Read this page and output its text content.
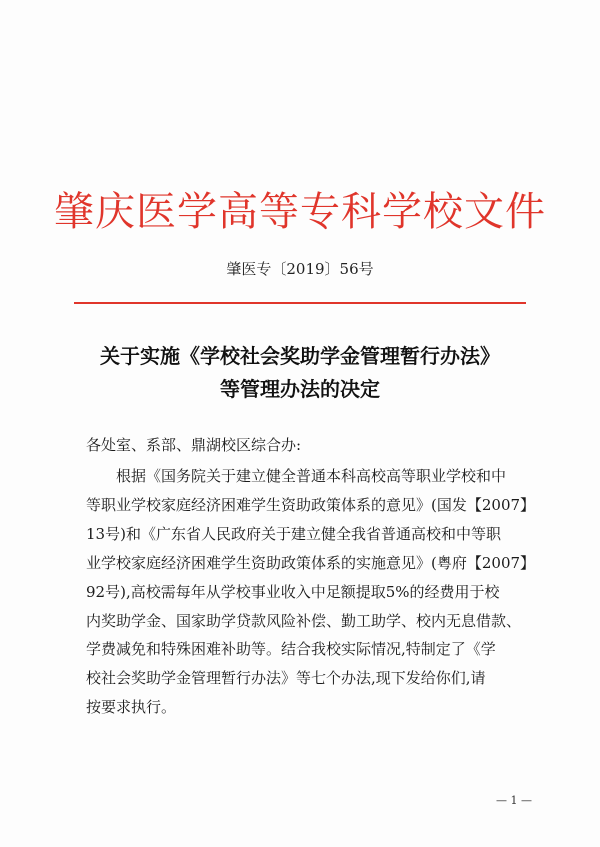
肇庆医学高等专科学校文件
肇医专〔2019〕56号
关于实施《学校社会奖助学金管理暂行办法》
等管理办法的决定
各处室、系部、鼎湖校区综合办:
根据《国务院关于建立健全普通本科高校高等职业学校和中
等职业学校家庭经济困难学生资助政策体系的意见》(国发【2007】
13号)和《广东省人民政府关于建立健全我省普通高校和中等职
业学校家庭经济困难学生资助政策体系的实施意见》(粤府【2007】
92号),高校需每年从学校事业收入中足额提取5%的经费用于校
内奖助学金、国家助学贷款风险补偿、勤工助学、校内无息借款、
学费减免和特殊困难补助等。结合我校实际情况,特制定了《学
校社会奖助学金管理暂行办法》等七个办法,现下发给你们,请
按要求执行。
— 1 —
